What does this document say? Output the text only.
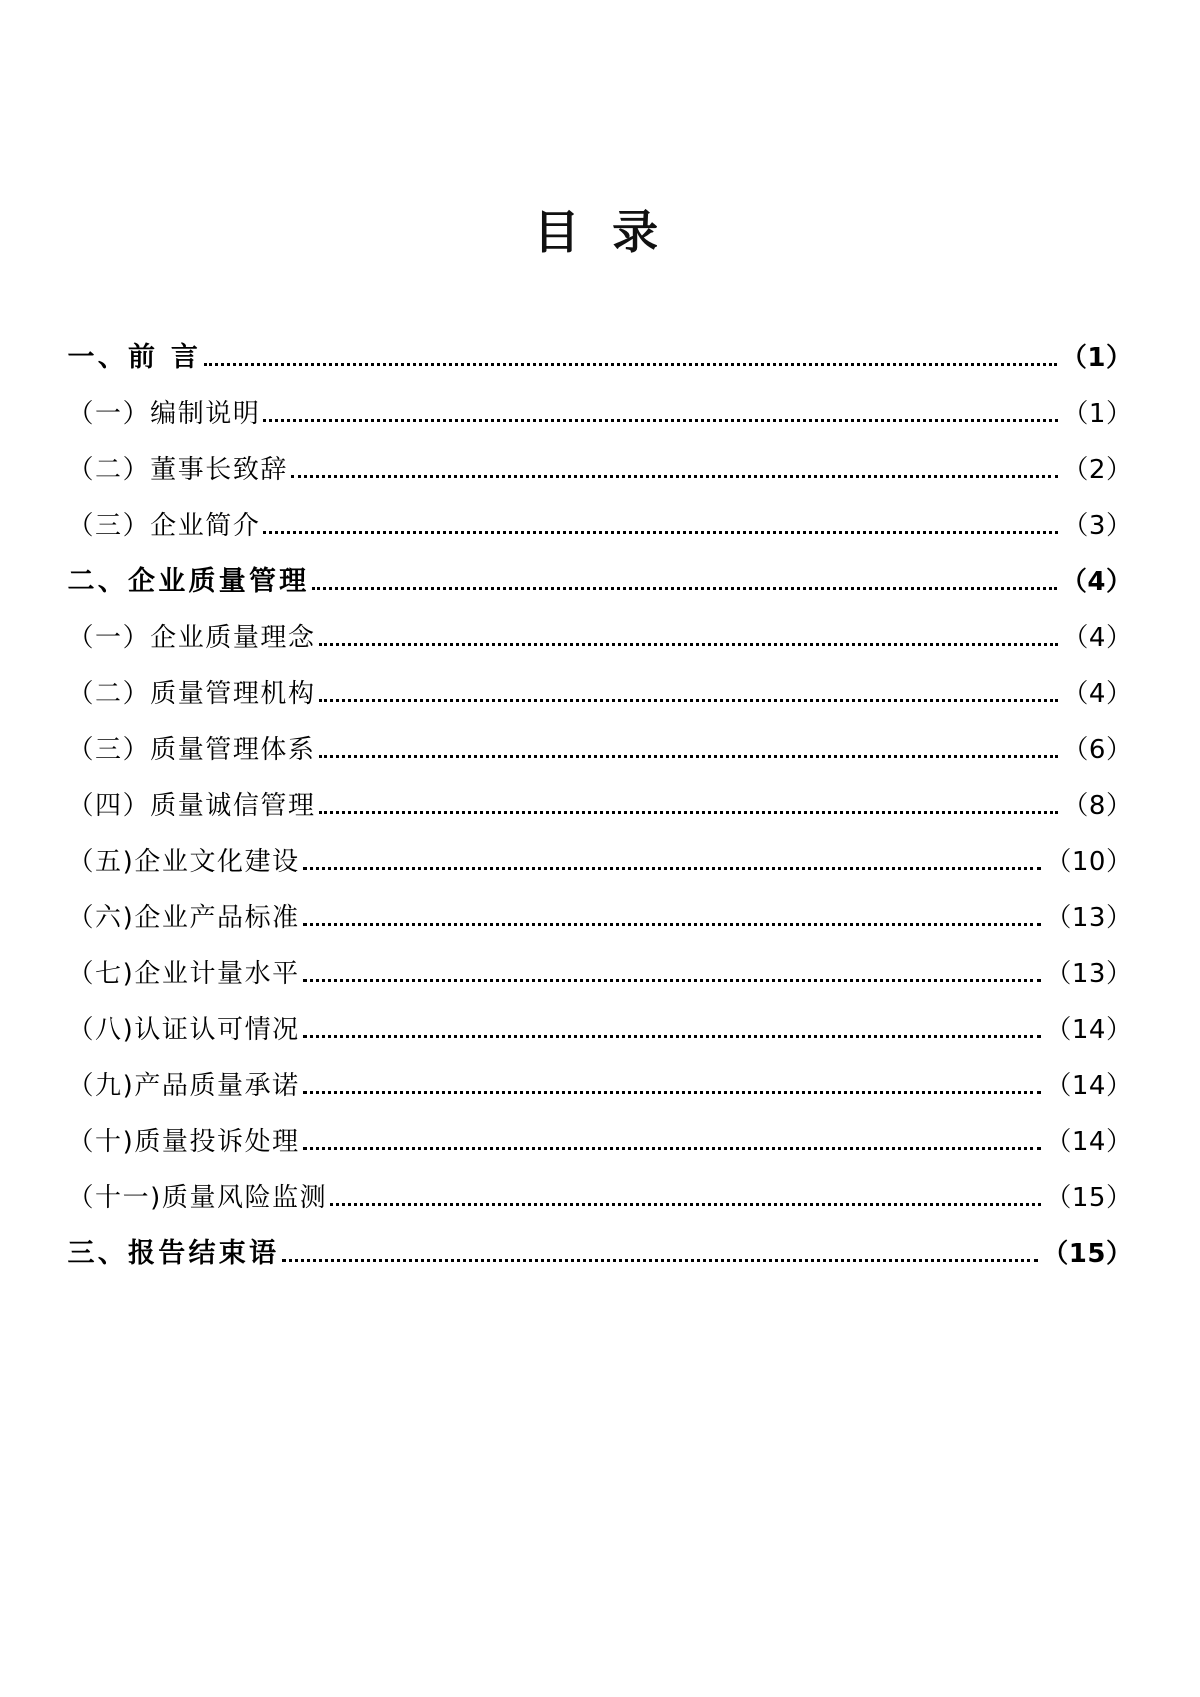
目 录
一、前 言	（1）
（一）编制说明	（1）
（二）董事长致辞	（2）
（三）企业简介	（3）
二、企业质量管理	（4）
（一）企业质量理念	（4）
（二）质量管理机构	（4）
（三）质量管理体系	（6）
（四）质量诚信管理	（8）
（五)企业文化建设	（10）
（六)企业产品标准	（13）
（七)企业计量水平	（13）
（八)认证认可情况	（14）
（九)产品质量承诺	（14）
（十)质量投诉处理	（14）
（十一)质量风险监测	（15）
三、报告结束语	（15）
